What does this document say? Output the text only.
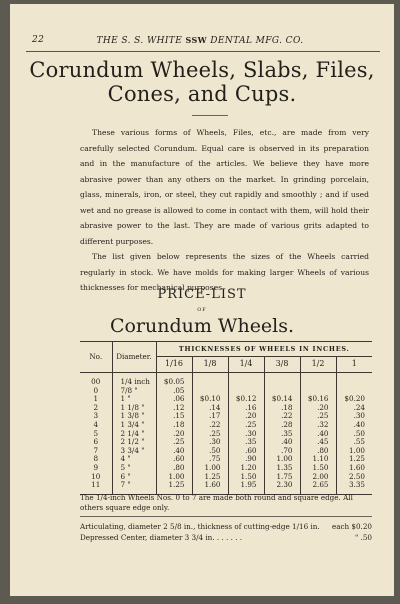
22	THE S. S. WHITE SSW DENTAL MFG. CO.
Corundum Wheels, Slabs, Files,
Cones, and Cups.

These various forms of Wheels, Files, etc., are made from very carefully selected Corundum. Equal care is observed in its preparation and in the manufacture of the articles. We believe they have more abrasive power than any others on the market. In grinding porcelain, glass, minerals, iron, or steel, they cut rapidly and smoothly ; and if used wet and no grease is allowed to come in contact with them, will hold their abrasive power to the last. They are made of various grits adapted to different purposes.

The list given below represents the sizes of the Wheels carried regularly in stock. We have molds for making larger Wheels of various thicknesses for mechanical purposes.

PRICE-LIST
OF
Corundum Wheels.
No.	Diameter.	THICKNESSES OF WHEELS IN INCHES.					
		1/16	1/8	1/4	3/8	1/2	1
00	1/4 inch	$0.05					
0	7/8 "	.05					
1	1 "	.06	$0.10	$0.12	$0.14	$0.16	$0.20
2	1 1/8 "	.12	.14	.16	.18	.20	.24
3	1 3/8 "	.15	.17	.20	.22	.25	.30
4	1 3/4 "	.18	.22	.25	.28	.32	.40
5	2 1/4 "	.20	.25	.30	.35	.40	.50
6	2 1/2 "	.25	.30	.35	.40	.45	.55
7	3 3/4 "	.40	.50	.60	.70	.80	1.00
8	4 "	.60	.75	.90	1.00	1.10	1.25
9	5 "	.80	1.00	1.20	1.35	1.50	1.60
10	6 "	1.00	1.25	1.50	1.75	2.00	2.50
11	7 "	1.25	1.60	1.95	2.30	2.65	3.35

The 1/4-inch Wheels Nos. 0 to 7 are made both round and square edge. All others square edge only.

Articulating, diameter 2 5/8 in., thickness of cutting-edge 1/16 in. each $0.20
Depressed Center, diameter 3 3/4 in. . . . . . .	" .50
